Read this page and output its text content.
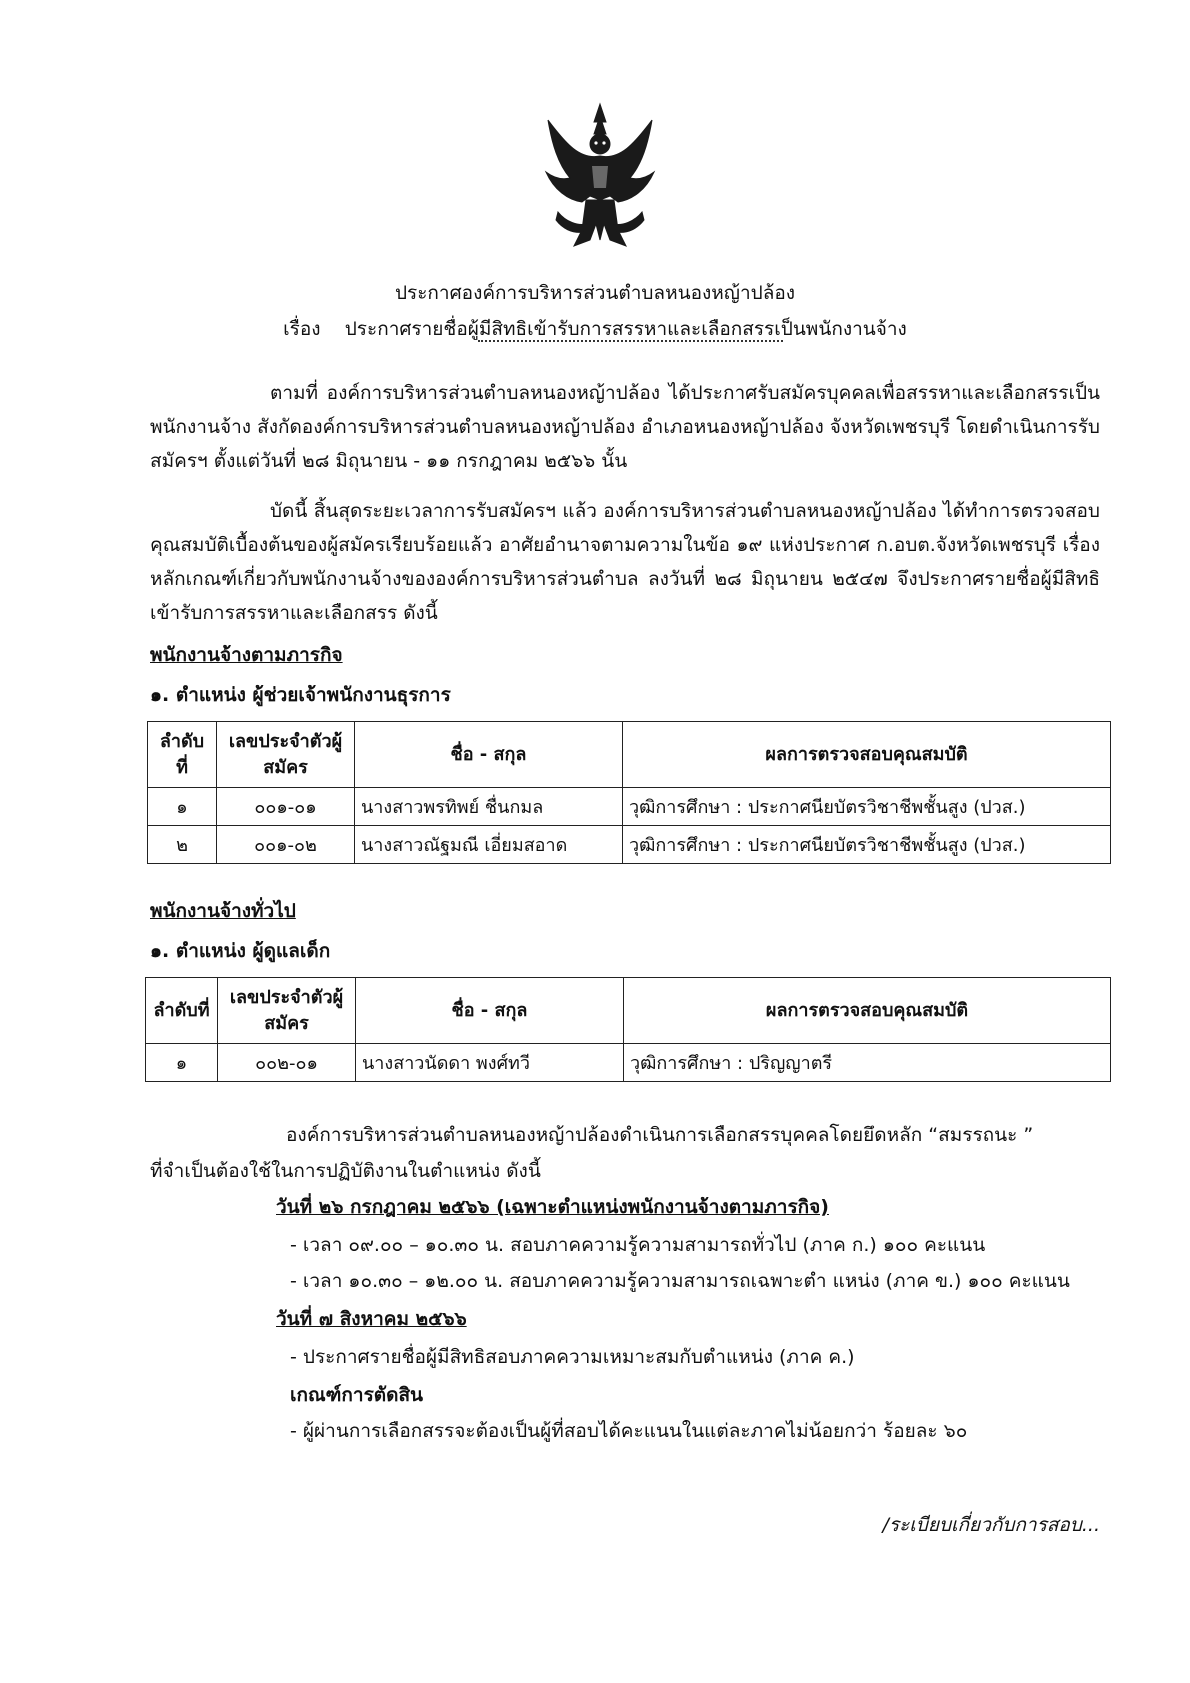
ประกาศองค์การบริหารส่วนตำบลหนองหญ้าปล้อง
เรื่อง ประกาศรายชื่อผู้มีสิทธิเข้ารับการสรรหาและเลือกสรรเป็นพนักงานจ้าง
ตามที่ องค์การบริหารส่วนตำบลหนองหญ้าปล้อง ได้ประกาศรับสมัครบุคคลเพื่อสรรหาและเลือกสรรเป็นพนักงานจ้าง สังกัดองค์การบริหารส่วนตำบลหนองหญ้าปล้อง อำเภอหนองหญ้าปล้อง จังหวัดเพชรบุรี โดยดำเนินการรับสมัครฯ ตั้งแต่วันที่ ๒๘ มิถุนายน - ๑๑ กรกฎาคม ๒๕๖๖ นั้น
บัดนี้ สิ้นสุดระยะเวลาการรับสมัครฯ แล้ว องค์การบริหารส่วนตำบลหนองหญ้าปล้อง ได้ทำการตรวจสอบคุณสมบัติเบื้องต้นของผู้สมัครเรียบร้อยแล้ว อาศัยอำนาจตามความในข้อ ๑๙ แห่งประกาศ ก.อบต.จังหวัดเพชรบุรี เรื่องหลักเกณฑ์เกี่ยวกับพนักงานจ้างขององค์การบริหารส่วนตำบล ลงวันที่ ๒๘ มิถุนายน ๒๕๔๗ จึงประกาศรายชื่อผู้มีสิทธิเข้ารับการสรรหาและเลือกสรร ดังนี้
พนักงานจ้างตามภารกิจ
๑. ตำแหน่ง ผู้ช่วยเจ้าพนักงานธุรการ
ลำดับที่	เลขประจำตัวผู้สมัคร	ชื่อ - สกุล	ผลการตรวจสอบคุณสมบัติ
๑	๐๐๑-๐๑	นางสาวพรทิพย์ ชื่นกมล	วุฒิการศึกษา : ประกาศนียบัตรวิชาชีพชั้นสูง (ปวส.)
๒	๐๐๑-๐๒	นางสาวณัฐมณี เอี่ยมสอาด	วุฒิการศึกษา : ประกาศนียบัตรวิชาชีพชั้นสูง (ปวส.)
พนักงานจ้างทั่วไป
๑. ตำแหน่ง ผู้ดูแลเด็ก
ลำดับที่	เลขประจำตัวผู้สมัคร	ชื่อ - สกุล	ผลการตรวจสอบคุณสมบัติ
๑	๐๐๒-๐๑	นางสาวนัดดา พงศ์ทวี	วุฒิการศึกษา : ปริญญาตรี
องค์การบริหารส่วนตำบลหนองหญ้าปล้องดำเนินการเลือกสรรบุคคลโดยยึดหลัก “สมรรถนะ ”
ที่จำเป็นต้องใช้ในการปฏิบัติงานในตำแหน่ง ดังนี้
วันที่ ๒๖ กรกฎาคม ๒๕๖๖ (เฉพาะตำแหน่งพนักงานจ้างตามภารกิจ)
- เวลา ๐๙.๐๐ – ๑๐.๓๐ น. สอบภาคความรู้ความสามารถทั่วไป (ภาค ก.) ๑๐๐ คะแนน
- เวลา ๑๐.๓๐ – ๑๒.๐๐ น. สอบภาคความรู้ความสามารถเฉพาะตำ แหน่ง (ภาค ข.) ๑๐๐ คะแนน
วันที่ ๗ สิงหาคม ๒๕๖๖
- ประกาศรายชื่อผู้มีสิทธิสอบภาคความเหมาะสมกับตำแหน่ง (ภาค ค.)
เกณฑ์การตัดสิน
- ผู้ผ่านการเลือกสรรจะต้องเป็นผู้ที่สอบได้คะแนนในแต่ละภาคไม่น้อยกว่า ร้อยละ ๖๐
/ระเบียบเกี่ยวกับการสอบ...
